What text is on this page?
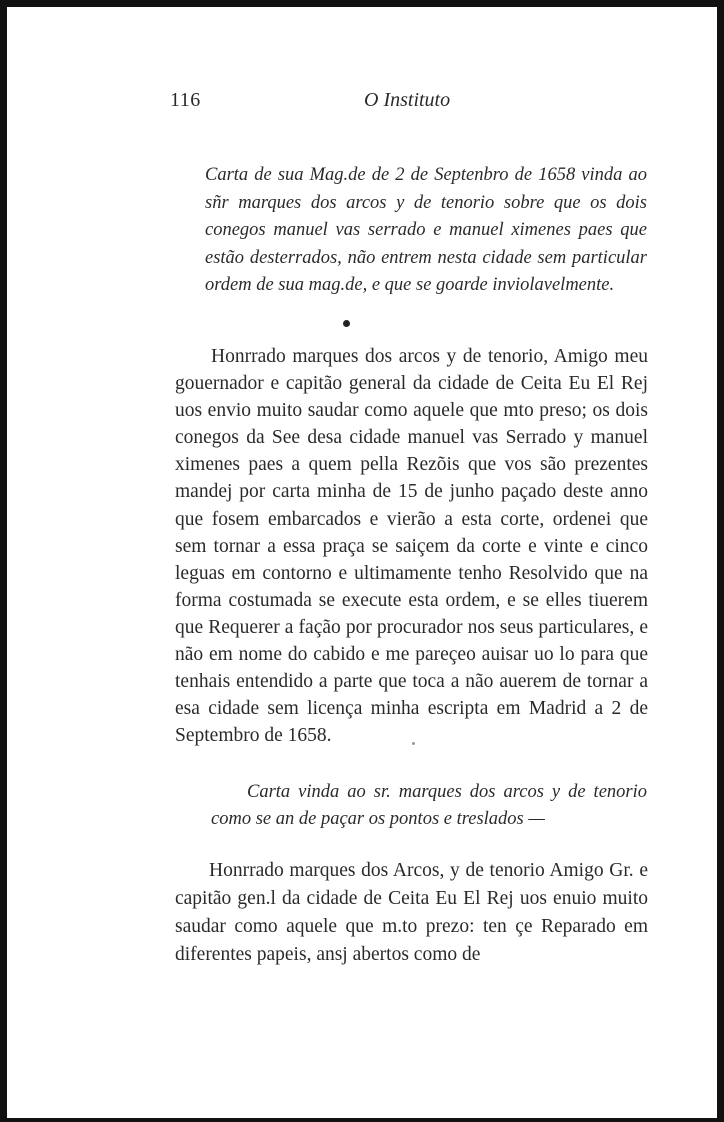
116	O Instituto
Carta de sua Mag.de de 2 de Septenbro de 1658 vinda ao sñr marques dos arcos y de tenorio sobre que os dois conegos manuel vas serrado e manuel ximenes paes que estão desterrados, não entrem nesta cidade sem particular ordem de sua mag.de, e que se goarde inviolavelmente.
Honrrado marques dos arcos y de tenorio, Amigo meu gouernador e capitão general da cidade de Ceita Eu El Rej uos envio muito saudar como aquele que mto preso; os dois conegos da See desa cidade manuel vas Serrado y manuel ximenes paes a quem pella Rezõis que vos são prezentes mandej por carta minha de 15 de junho paçado deste anno que fosem embarcados e vierão a esta corte, ordenei que sem tornar a essa praça se saiçem da corte e vinte e cinco leguas em contorno e ultimamente tenho Resolvido que na forma costumada se execute esta ordem, e se elles tiuerem que Requerer a fação por procurador nos seus particulares, e não em nome do cabido e me pareçeo auisar uo lo para que tenhais entendido a parte que toca a não auerem de tornar a esa cidade sem licença minha escripta em Madrid a 2 de Septembro de 1658.
Carta vinda ao sr. marques dos arcos y de tenorio
como se an de paçar os pontos e treslados —
Honrrado marques dos Arcos, y de tenorio Amigo Gr. e capitão gen.l da cidade de Ceita Eu El Rej uos enuio muito saudar como aquele que m.to prezo: ten çe Reparado em diferentes papeis, ansj abertos como de
